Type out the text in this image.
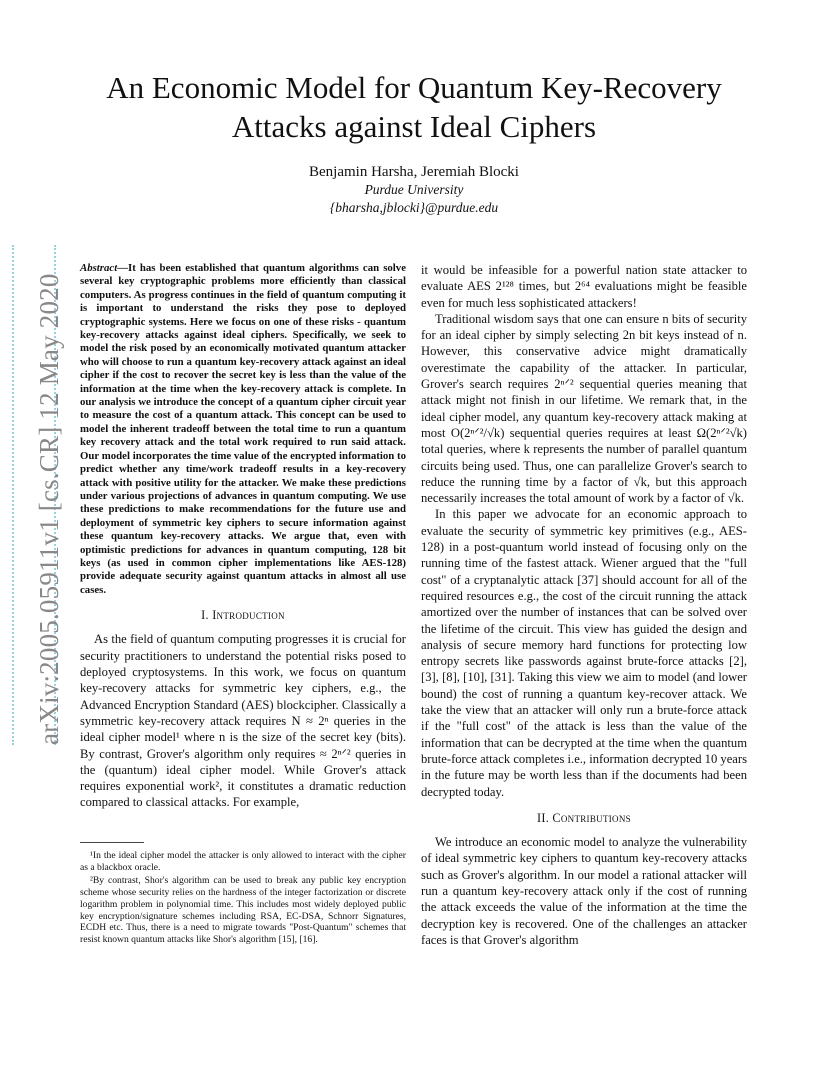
An Economic Model for Quantum Key-Recovery Attacks against Ideal Ciphers
Benjamin Harsha, Jeremiah Blocki
Purdue University
{bharsha,jblocki}@purdue.edu
arXiv:2005.05911v1 [cs.CR] 12 May 2020

Abstract—It has been established that quantum algorithms can solve several key cryptographic problems more efficiently than classical computers. As progress continues in the field of quantum computing it is important to understand the risks they pose to deployed cryptographic systems. Here we focus on one of these risks - quantum key-recovery attacks against ideal ciphers. Specifically, we seek to model the risk posed by an economically motivated quantum attacker who will choose to run a quantum key-recovery attack against an ideal cipher if the cost to recover the secret key is less than the value of the information at the time when the key-recovery attack is complete. In our analysis we introduce the concept of a quantum cipher circuit year to measure the cost of a quantum attack. This concept can be used to model the inherent tradeoff between the total time to run a quantum key recovery attack and the total work required to run said attack. Our model incorporates the time value of the encrypted information to predict whether any time/work tradeoff results in a key-recovery attack with positive utility for the attacker. We make these predictions under various projections of advances in quantum computing. We use these predictions to make recommendations for the future use and deployment of symmetric key ciphers to secure information against these quantum key-recovery attacks. We argue that, even with optimistic predictions for advances in quantum computing, 128 bit keys (as used in common cipher implementations like AES-128) provide adequate security against quantum attacks in almost all use cases.

I. Introduction

As the field of quantum computing progresses it is crucial for security practitioners to understand the potential risks posed to deployed cryptosystems. In this work, we focus on quantum key-recovery attacks for symmetric key ciphers, e.g., the Advanced Encryption Standard (AES) blockcipher. Classically a symmetric key-recovery attack requires N ≈ 2ⁿ queries in the ideal cipher model¹ where n is the size of the secret key (bits). By contrast, Grover's algorithm only requires ≈ 2ⁿᐟ² queries in the (quantum) ideal cipher model. While Grover's attack requires exponential work², it constitutes a dramatic reduction compared to classical attacks. For example,

¹In the ideal cipher model the attacker is only allowed to interact with the cipher as a blackbox oracle.

²By contrast, Shor's algorithm can be used to break any public key encryption scheme whose security relies on the hardness of the integer factorization or discrete logarithm problem in polynomial time. This includes most widely deployed public key encryption/signature schemes including RSA, EC-DSA, Schnorr Signatures, ECDH etc. Thus, there is a need to migrate towards "Post-Quantum" schemes that resist known quantum attacks like Shor's algorithm [15], [16].

it would be infeasible for a powerful nation state attacker to evaluate AES 2¹²⁸ times, but 2⁶⁴ evaluations might be feasible even for much less sophisticated attackers!

Traditional wisdom says that one can ensure n bits of security for an ideal cipher by simply selecting 2n bit keys instead of n. However, this conservative advice might dramatically overestimate the capability of the attacker. In particular, Grover's search requires 2ⁿᐟ² sequential queries meaning that attack might not finish in our lifetime. We remark that, in the ideal cipher model, any quantum key-recovery attack making at most O(2ⁿᐟ²/√k) sequential queries requires at least Ω(2ⁿᐟ²√k) total queries, where k represents the number of parallel quantum circuits being used. Thus, one can parallelize Grover's search to reduce the running time by a factor of √k, but this approach necessarily increases the total amount of work by a factor of √k.

In this paper we advocate for an economic approach to evaluate the security of symmetric key primitives (e.g., AES-128) in a post-quantum world instead of focusing only on the running time of the fastest attack. Wiener argued that the "full cost" of a cryptanalytic attack [37] should account for all of the required resources e.g., the cost of the circuit running the attack amortized over the number of instances that can be solved over the lifetime of the circuit. This view has guided the design and analysis of secure memory hard functions for protecting low entropy secrets like passwords against brute-force attacks [2], [3], [8], [10], [31]. Taking this view we aim to model (and lower bound) the cost of running a quantum key-recover attack. We take the view that an attacker will only run a brute-force attack if the "full cost" of the attack is less than the value of the information that can be decrypted at the time when the quantum brute-force attack completes i.e., information decrypted 10 years in the future may be worth less than if the documents had been decrypted today.

II. Contributions

We introduce an economic model to analyze the vulnerability of ideal symmetric key ciphers to quantum key-recovery attacks such as Grover's algorithm. In our model a rational attacker will run a quantum key-recovery attack only if the cost of running the attack exceeds the value of the information at the time the decryption key is recovered. One of the challenges an attacker faces is that Grover's algorithm
